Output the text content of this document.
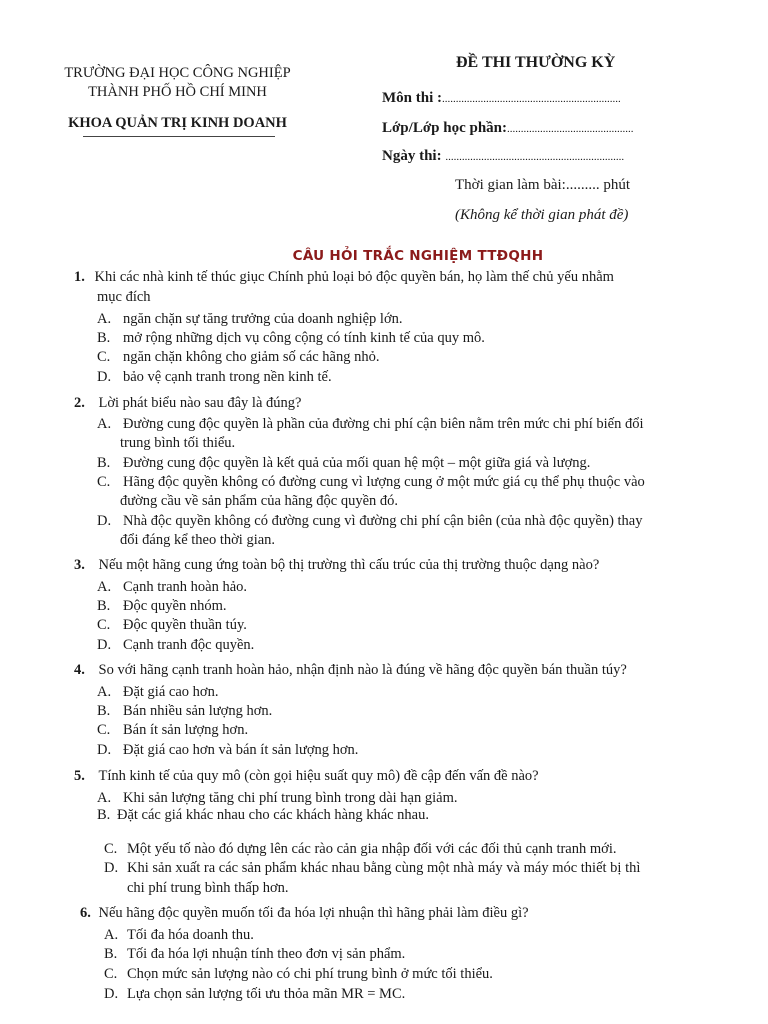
TRƯỜNG ĐẠI HỌC CÔNG NGHIỆP
THÀNH PHỐ HỒ CHÍ MINH
KHOA QUẢN TRỊ KINH DOANH
ĐỀ THI THƯỜNG KỲ
Môn thi :.................................................................
Lớp/Lớp học phần:..............................................
Ngày thi: .................................................................
Thời gian làm bài:......... phút
(Không kể thời gian phát đề)
CÂU HỎI TRẮC NGHIỆM TTĐQHH
1. Khi các nhà kinh tế thúc giục Chính phủ loại bỏ độc quyền bán, họ làm thế chủ yếu nhằm
mục đích
A. ngăn chặn sự tăng trưởng của doanh nghiệp lớn.
B. mở rộng những dịch vụ công cộng có tính kinh tế của quy mô.
C. ngăn chặn không cho giảm số các hãng nhỏ.
D. bảo vệ cạnh tranh trong nền kinh tế.
2. Lời phát biểu nào sau đây là đúng?
A. Đường cung độc quyền là phần của đường chi phí cận biên nằm trên mức chi phí biến đổi
trung bình tối thiểu.
B. Đường cung độc quyền là kết quả của mối quan hệ một – một giữa giá và lượng.
C. Hãng độc quyền không có đường cung vì lượng cung ở một mức giá cụ thể phụ thuộc vào
đường cầu về sản phẩm của hãng độc quyền đó.
D. Nhà độc quyền không có đường cung vì đường chi phí cận biên (của nhà độc quyền) thay
đổi đáng kể theo thời gian.
3. Nếu một hãng cung ứng toàn bộ thị trường thì cấu trúc của thị trường thuộc dạng nào?
A. Cạnh tranh hoàn hảo.
B. Độc quyền nhóm.
C. Độc quyền thuần túy.
D. Cạnh tranh độc quyền.
4. So với hãng cạnh tranh hoàn hảo, nhận định nào là đúng về hãng độc quyền bán thuần túy?
A. Đặt giá cao hơn.
B. Bán nhiều sản lượng hơn.
C. Bán ít sản lượng hơn.
D. Đặt giá cao hơn và bán ít sản lượng hơn.
5. Tính kinh tế của quy mô (còn gọi hiệu suất quy mô) đề cập đến vấn đề nào?
A. Khi sản lượng tăng chi phí trung bình trong dài hạn giảm.
B. Đặt các giá khác nhau cho các khách hàng khác nhau.
C. Một yếu tố nào đó dựng lên các rào cản gia nhập đối với các đối thủ cạnh tranh mới.
D. Khi sản xuất ra các sản phẩm khác nhau bằng cùng một nhà máy và máy móc thiết bị thì
chi phí trung bình thấp hơn.
6. Nếu hãng độc quyền muốn tối đa hóa lợi nhuận thì hãng phải làm điều gì?
A. Tối đa hóa doanh thu.
B. Tối đa hóa lợi nhuận tính theo đơn vị sản phẩm.
C. Chọn mức sản lượng nào có chi phí trung bình ở mức tối thiểu.
D. Lựa chọn sản lượng tối ưu thỏa mãn MR = MC.
